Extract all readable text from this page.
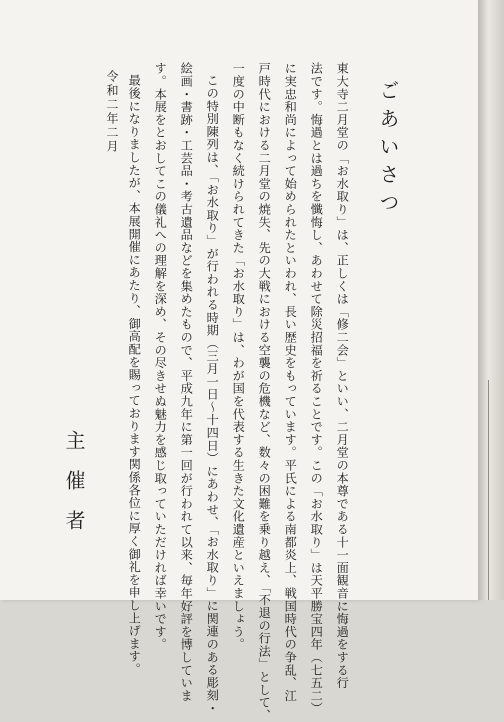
ごあいさつ
東大寺二月堂の「お水取り」は、正しくは「修二会」といい、二月堂の本尊である十一面観音に悔過をする行
法です。悔過とは過ちを懺悔し、あわせて除災招福を祈ることです。この「お水取り」は天平勝宝四年（七五二）
に実忠和尚によって始められたといわれ、長い歴史をもっています。平氏による南都炎上、戦国時代の争乱、江
戸時代における二月堂の焼失、先の大戦における空襲の危機など、数々の困難を乗り越え、「不退の行法」として、
一度の中断もなく続けられてきた「お水取り」は、わが国を代表する生きた文化遺産といえましょう。
この特別陳列は、「お水取り」が行われる時期（三月一日～十四日）にあわせ、「お水取り」に関連のある彫刻・
絵画・書跡・工芸品・考古遺品などを集めたもので、平成九年に第一回が行われて以来、毎年好評を博していま
す。本展をとおしてこの儀礼への理解を深め、その尽きせぬ魅力を感じ取っていただければ幸いです。
最後になりましたが、本展開催にあたり、御高配を賜っております関係各位に厚く御礼を申し上げます。
令和二年二月
主催者
